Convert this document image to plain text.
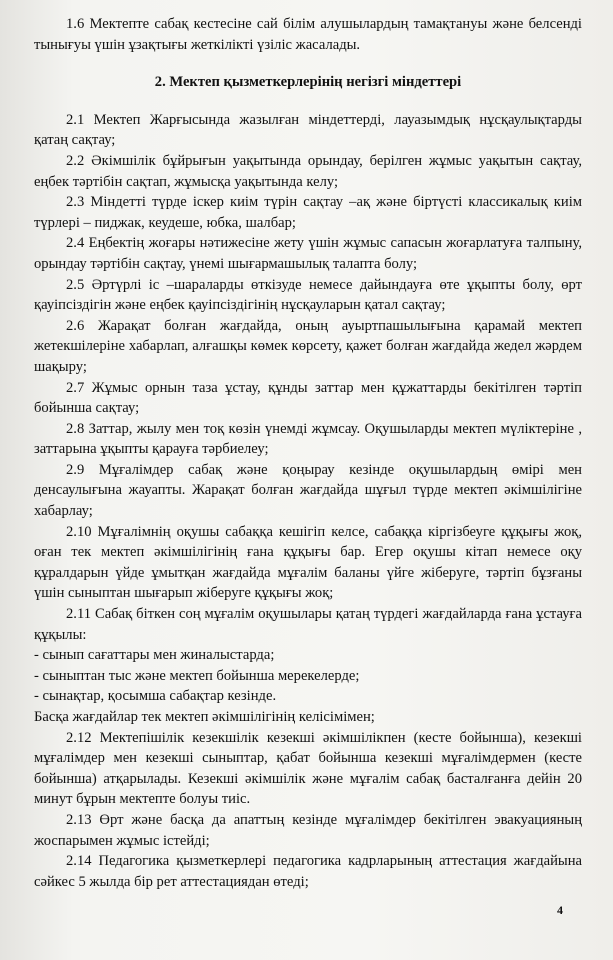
1.6 Мектепте сабақ кестесіне сай білім алушылардың тамақтануы және белсенді тынығуы үшін ұзақтығы жеткілікті үзіліс жасалады.

2. Мектеп қызметкерлерінің негізгі міндеттері

2.1 Мектеп Жарғысында жазылған міндеттерді, лауазымдық нұсқаулықтарды қатаң сақтау;

2.2 Әкімшілік бұйрығын уақытында орындау, берілген жұмыс уақытын сақтау, еңбек тәртібін сақтап, жұмысқа уақытында келу;

2.3 Міндетті түрде іскер киім түрін сақтау –ақ және біртүсті классикалық киім түрлері – пиджак, кеудеше, юбка, шалбар;

2.4 Еңбектің жоғары нәтижесіне жету үшін жұмыс сапасын жоғарлатуға талпыну, орындау тәртібін сақтау, үнемі шығармашылық талапта болу;

2.5 Әртүрлі іс –шараларды өткізуде немесе дайындауға өте ұқыпты болу, өрт қауіпсіздігін және еңбек қауіпсіздігінің нұсқауларын қатал сақтау;

2.6 Жарақат болған жағдайда, оның ауыртпашылығына қарамай мектеп жетекшілеріне хабарлап, алғашқы көмек көрсету, қажет болған жағдайда жедел жәрдем шақыру;

2.7 Жұмыс орнын таза ұстау, құнды заттар мен құжаттарды бекітілген тәртіп бойынша сақтау;

2.8 Заттар, жылу мен тоқ көзін үнемді жұмсау. Оқушыларды мектеп мүліктеріне , заттарына ұқыпты қарауға тәрбиелеу;

2.9 Мұғалімдер сабақ және қоңырау кезінде оқушылардың өмірі мен денсаулығына жауапты. Жарақат болған жағдайда шұғыл түрде мектеп әкімшілігіне хабарлау;

2.10 Мұғалімнің оқушы сабаққа кешігіп келсе, сабаққа кіргізбеуге құқығы жоқ, оған тек мектеп әкімшілігінің ғана құқығы бар. Егер оқушы кітап немесе оқу құралдарын үйде ұмытқан жағдайда мұғалім баланы үйге жіберуге, тәртіп бұзғаны үшін сыныптан шығарып жіберуге құқығы жоқ;

2.11 Сабақ біткен соң мұғалім оқушылары қатаң түрдегі жағдайларда ғана ұстауға құқылы:

- сынып сағаттары мен жиналыстарда;

- сыныптан тыс және мектеп бойынша мерекелерде;

- сынақтар, қосымша сабақтар кезінде.

Басқа жағдайлар тек мектеп әкімшілігінің келісімімен;

2.12 Мектепішілік кезекшілік кезекші әкімшілікпен (кесте бойынша), кезекші мұғалімдер мен кезекші сыныптар, қабат бойынша кезекші мұғалімдермен (кесте бойынша) атқарылады. Кезекші әкімшілік және мұғалім сабақ басталғанға дейін 20 минут бұрын мектепте болуы тиіс.

2.13 Өрт және басқа да апаттың кезінде мұғалімдер бекітілген эвакуацияның жоспарымен жұмыс істейді;

2.14 Педагогика қызметкерлері педагогика кадрларының аттестация жағдайына сәйкес 5 жылда бір рет аттестациядан өтеді;

4
